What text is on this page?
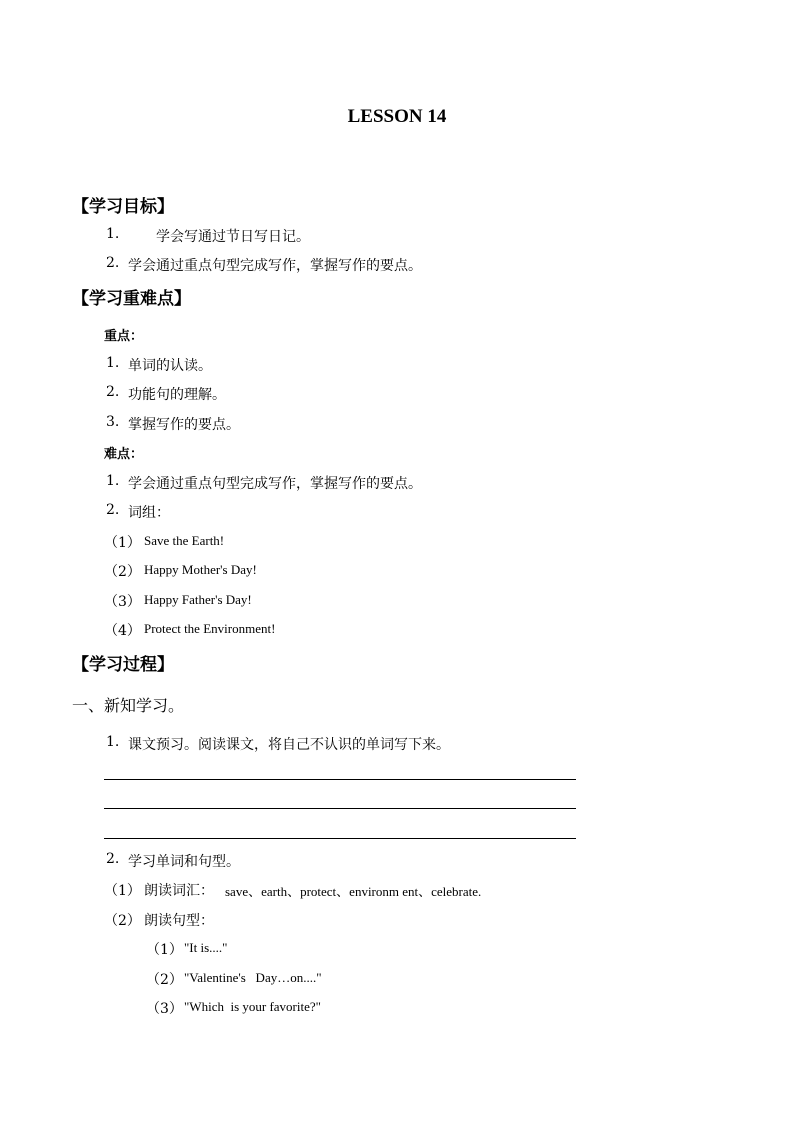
LESSON 14
【学习目标】
1.	学会写通过节日写日记。
2. 学会通过重点句型完成写作，掌握写作的要点。
【学习重难点】
重点：
1. 单词的认读。
2. 功能句的理解。
3. 掌握写作的要点。
难点：
1. 学会通过重点句型完成写作，掌握写作的要点。
2. 词组：
（1） Save the Earth!
（2） Happy Mother's Day!
（3） Happy Father's Day!
（4） Protect the Environment!
【学习过程】
一、新知学习。
1. 课文预习。阅读课文，将自己不认识的单词写下来。
2. 学习单词和句型。
（1） 朗读词汇： save、earth、protect、environm ent、celebrate.
（2） 朗读句型：
（1） "It is...."
（2） "Valentine's   Day…on...."
（3） "Which  is your favorite?"
